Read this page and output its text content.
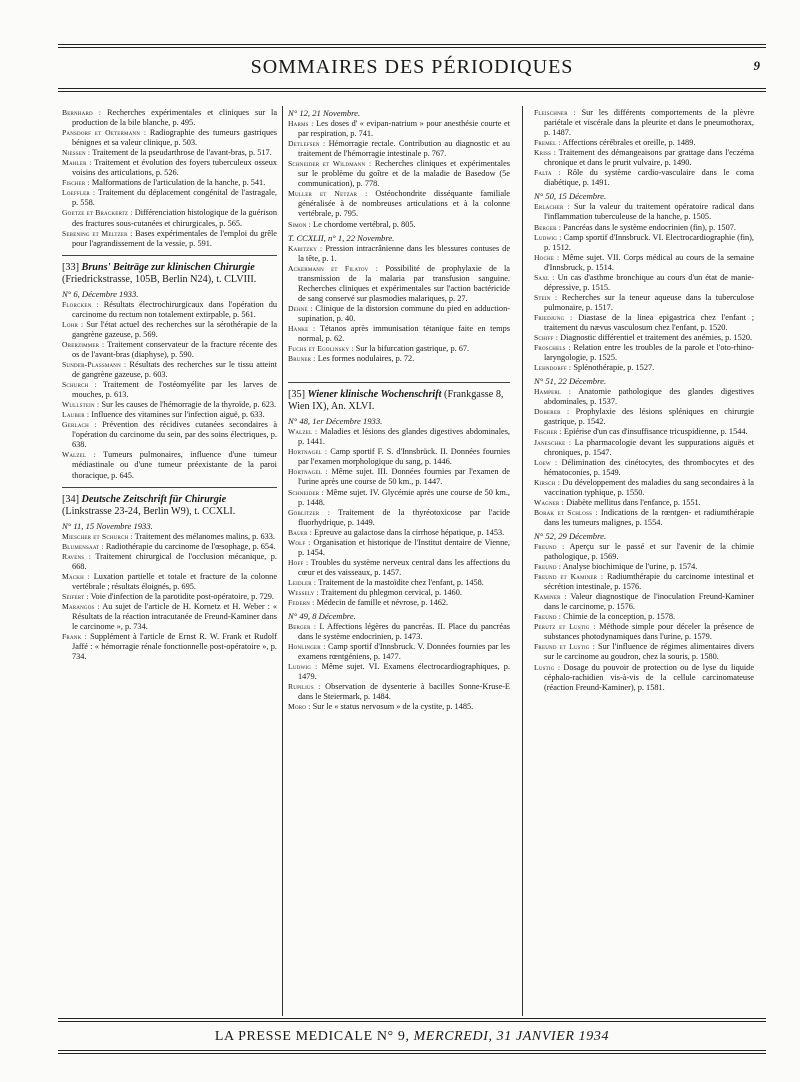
SOMMAIRES DES PÉRIODIQUES	9

Bernhard : Recherches expérimentales et cliniques sur la production de la bile blanche, p. 495.

Pansdorf et Oetermann : Radiographie des tumeurs gastriques bénignes et sa valeur clinique, p. 503.

Niessen : Traitement de la pseudarthrose de l'avant-bras, p. 517.

Mahler : Traitement et évolution des foyers tuberculeux osseux voisins des articulations, p. 526.

Fischer : Malformations de l'articulation de la hanche, p. 541.

Loeffler : Traitement du déplacement congénital de l'astragale, p. 558.

Goetze et Brackertz : Différenciation histologique de la guérison des fractures sous-cutanées et chirurgicales, p. 565.

Sebening et Meltzer : Bases expérimentales de l'emploi du grêle pour l'agrandissement de la vessie, p. 591.

[33] Bruns' Beiträge zur klinischen Chirurgie (Friedrickstrasse, 105B, Berlin N24), t. CLVIII.

N° 6, Décembre 1933.

Florcken : Résultats électrochirurgicaux dans l'opération du carcinome du rectum non totalement extirpable, p. 561.

Lohr : Sur l'état actuel des recherches sur la sérothérapie de la gangrène gazeuse, p. 569.

Oberzimmer : Traitement conservateur de la fracture récente des os de l'avant-bras (diaphyse), p. 590.

Sunder-Plassmann : Résultats des recherches sur le tissu atteint de gangrène gazeuse, p. 603.

Schurch : Traitement de l'ostéomyélite par les larves de mouches, p. 613.

Wullstein : Sur les causes de l'hémorragie de la thyroïde, p. 623.

Lauber : Influence des vitamines sur l'infection aiguë, p. 633.

Gerlach : Prévention des récidives cutanées secondaires à l'opération du carcinome du sein, par des soins électriques, p. 638.

Walzel : Tumeurs pulmonaires, influence d'une tumeur médiastinale ou d'une tumeur préexistante de la paroi thoracique, p. 645.

[34] Deutsche Zeitschrift für Chirurgie (Linkstrasse 23-24, Berlin W9), t. CCXLI.

N° 11, 15 Novembre 1933.

Miescher et Schurch : Traitement des mélanomes malins, p. 633.

Blumensaat : Radiothérapie du carcinome de l'œsophage, p. 654.

Ravens : Traitement chirurgical de l'occlusion mécanique, p. 668.

Mackh : Luxation partielle et totale et fracture de la colonne vertébrale ; résultats éloignés, p. 695.

Seifert : Voie d'infection de la parotidite post-opératoire, p. 729.

Marangos : Au sujet de l'article de H. Kornetz et H. Weber : « Résultats de la réaction intracutanée de Freund-Kaminer dans le carcinome », p. 734.

Frank : Supplément à l'article de Ernst R. W. Frank et Rudolf Jaffé : « hémorragie rénale fonctionnelle post-opératoire », p. 734.

N° 12, 21 Novembre.

Harms : Les doses d' « evipan-natrium » pour anesthésie courte et par respiration, p. 741.

Detlefsen : Hémorragie rectale. Contribution au diagnostic et au traitement de l'hémorragie intestinale p. 767.

Schneider et Wildmann : Recherches cliniques et expérimentales sur le problème du goître et de la maladie de Basedow (5e communication), p. 778.

Muller et Netzar : Ostéochondrite disséquante familiale généralisée à de nombreuses articulations et à la colonne vertébrale, p. 795.

Simon : Le chordome vertébral, p. 805.

T. CCXLII, n° 1, 22 Novembre.

Kabitzky : Pression intracrânienne dans les blessures contuses de la tête, p. 1.

Ackermann et Filatov : Possibilité de prophylaxie de la transmission de la malaria par transfusion sanguine. Recherches cliniques et expérimentales sur l'action bactéricide de sang conservé sur plasmodies malariques, p. 27.

Dehne : Clinique de la distorsion commune du pied en adduction-supination, p. 40.

Hanke : Tétanos après immunisation tétanique faite en temps normal, p. 62.

Fuchs et Egolinsky : Sur la bifurcation gastrique, p. 67.

Bruner : Les formes nodulaires, p. 72.

[35] Wiener klinische Wochenschrift (Frankgasse 8, Wien IX), An. XLVI.

N° 48, 1er Décembre 1933.

Walzel : Maladies et lésions des glandes digestives abdominales, p. 1441.

Hortnagel : Camp sportif F. S. d'Innsbrück. II. Données fournies par l'examen morphologique du sang, p. 1446.

Hortnagel : Même sujet. III. Données fournies par l'examen de l'urine après une course de 50 km., p. 1447.

Schneider : Même sujet. IV. Glycémie après une course de 50 km., p. 1448.

Goblitzer : Traitement de la thyréotoxicose par l'acide fluorhydrique, p. 1449.

Bauer : Epreuve au galactose dans la cirrhose hépatique, p. 1453.

Wolf : Organisation et historique de l'Institut dentaire de Vienne, p. 1454.

Hoff : Troubles du système nerveux central dans les affections du cœur et des vaisseaux, p. 1457.

Leidler : Traitement de la mastoïdite chez l'enfant, p. 1458.

Wessely : Traitement du phlegmon cervical, p. 1460.

Federn : Médecin de famille et névrose, p. 1462.

N° 49, 8 Décembre.

Berger : I. Affections légères du pancréas. II. Place du pancréas dans le système endocrinien, p. 1473.

Honlinger : Camp sportif d'Innsbruck. V. Données fournies par les examens rœntgéniens, p. 1477.

Ludwig : Même sujet. VI. Examens électrocardiographiques, p. 1479.

Rupilius : Observation de dysenterie à bacilles Sonne-Kruse-E dans le Steiermark, p. 1484.

Moro : Sur le « status nervosum » de la cystite, p. 1485.

Fleischner : Sur les différents comportements de la plèvre pariétale et viscérale dans la pleurite et dans le pneumothorax, p. 1487.

Fremel : Affections cérébrales et oreille, p. 1489.

Kriss : Traitement des démangeaisons par grattage dans l'eczéma chronique et dans le prurit vulvaire, p. 1490.

Falta : Rôle du système cardio-vasculaire dans le coma diabétique, p. 1491.

N° 50, 15 Décembre.

Erlacher : Sur la valeur du traitement opératoire radical dans l'inflammation tuberculeuse de la hanche, p. 1505.

Berger : Pancréas dans le système endocrinien (fin), p. 1507.

Ludwig : Camp sportif d'Innsbruck. VI. Electrocardiographie (fin), p. 1512.

Hoche : Même sujet. VII. Corps médical au cours de la semaine d'Innsbruck, p. 1514.

Saxl : Un cas d'asthme bronchique au cours d'un état de manie-dépressive, p. 1515.

Stein : Recherches sur la teneur aqueuse dans la tuberculose pulmonaire, p. 1517.

Friedjung : Diastase de la linea epigastrica chez l'enfant ; traitement du nævus vasculosum chez l'enfant, p. 1520.

Schiff : Diagnostic différentiel et traitement des anémies, p. 1520.

Froschels : Relation entre les troubles de la parole et l'oto-rhino-laryngologie, p. 1525.

Lehndorff : Splénothérapie, p. 1527.

N° 51, 22 Décembre.

Hamperl : Anatomie pathologique des glandes digestives abdominales, p. 1537.

Doberer : Prophylaxie des lésions spléniques en chirurgie gastrique, p. 1542.

Fischer : Epiérise d'un cas d'insuffisance tricuspidienne, p. 1544.

Janeschke : La pharmacologie devant les suppurations aiguës et chroniques, p. 1547.

Loew : Délimination des cinétocytes, des thrombocytes et des hématoconies, p. 1549.

Kirsch : Du développement des maladies du sang secondaires à la vaccination typhique, p. 1550.

Wagner : Diabète mellitus dans l'enfance, p. 1551.

Borak et Schloss : Indications de la rœntgen- et radiumthérapie dans les tumeurs malignes, p. 1554.

N° 52, 29 Décembre.

Freund : Aperçu sur le passé et sur l'avenir de la chimie pathologique, p. 1569.

Freund : Analyse biochimique de l'urine, p. 1574.

Freund et Kaminer : Radiumthérapie du carcinome intestinal et sécrétion intestinale, p. 1576.

Kaminer : Valeur diagnostique de l'inoculation Freund-Kaminer dans le carcinome, p. 1576.

Freund : Chimie de la conception, p. 1578.

Perutz et Lustig : Méthode simple pour déceler la présence de substances photodynamiques dans l'urine, p. 1579.

Freund et Lustig : Sur l'influence de régimes alimentaires divers sur le carcinome au goudron, chez la souris, p. 1580.

Lustig : Dosage du pouvoir de protection ou de lyse du liquide céphalo-rachidien vis-à-vis de la cellule carcinomateuse (réaction Freund-Kaminer), p. 1581.

LA PRESSE MEDICALE N° 9, MERCREDI, 31 JANVIER 1934
